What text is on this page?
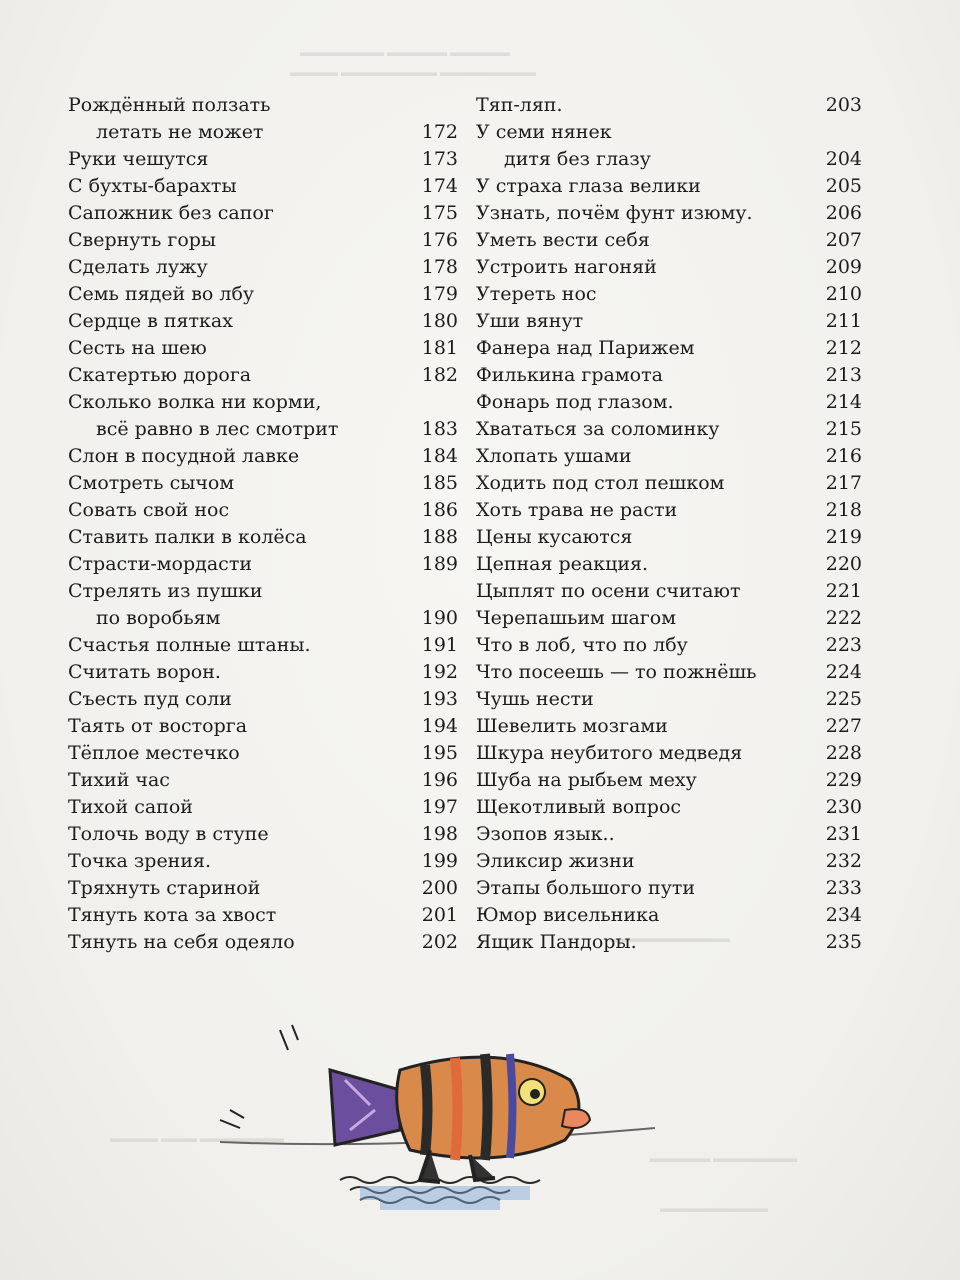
▬▬▬▬▬▬▬ ▬▬▬▬▬ ▬▬▬▬▬
▬▬▬▬ ▬▬▬▬▬▬▬▬ ▬▬▬▬▬▬▬▬
▬▬▬▬▬▬▬▬▬▬
▬▬▬▬ ▬▬▬ ▬▬▬▬▬▬▬
▬▬▬▬▬ ▬▬▬▬▬▬▬
▬▬▬▬▬▬▬▬▬
Рождённый ползать
летать не может	172
Руки чешутся	173
С бухты-барахты	174
Сапожник без сапог	175
Свернуть горы	176
Сделать лужу	178
Семь пядей во лбу	179
Сердце в пятках	180
Сесть на шею	181
Скатертью дорога	182
Сколько волка ни корми,
всё равно в лес смотрит	183
Слон в посудной лавке	184
Смотреть сычом	185
Совать свой нос	186
Ставить палки в колёса	188
Страсти-мордасти	189
Стрелять из пушки
по воробьям	190
Счастья полные штаны.	191
Считать ворон.	192
Съесть пуд соли	193
Таять от восторга	194
Тёплое местечко	195
Тихий час	196
Тихой сапой	197
Толочь воду в ступе	198
Точка зрения.	199
Тряхнуть стариной	200
Тянуть кота за хвост	201
Тянуть на себя одеяло	202
Тяп-ляп.	203
У семи нянек
дитя без глазу	204
У страха глаза велики	205
Узнать, почём фунт изюму.	206
Уметь вести себя	207
Устроить нагоняй	209
Утереть нос	210
Уши вянут	211
Фанера над Парижем	212
Филькина грамота	213
Фонарь под глазом.	214
Хвататься за соломинку	215
Хлопать ушами	216
Ходить под стол пешком	217
Хоть трава не расти	218
Цены кусаются	219
Цепная реакция.	220
Цыплят по осени считают	221
Черепашьим шагом	222
Что в лоб, что по лбу	223
Что посеешь — то пожнёшь	224
Чушь нести	225
Шевелить мозгами	227
Шкура неубитого медведя	228
Шуба на рыбьем меху	229
Щекотливый вопрос	230
Эзопов язык..	231
Эликсир жизни	232
Этапы большого пути	233
Юмор висельника	234
Ящик Пандоры.	235
